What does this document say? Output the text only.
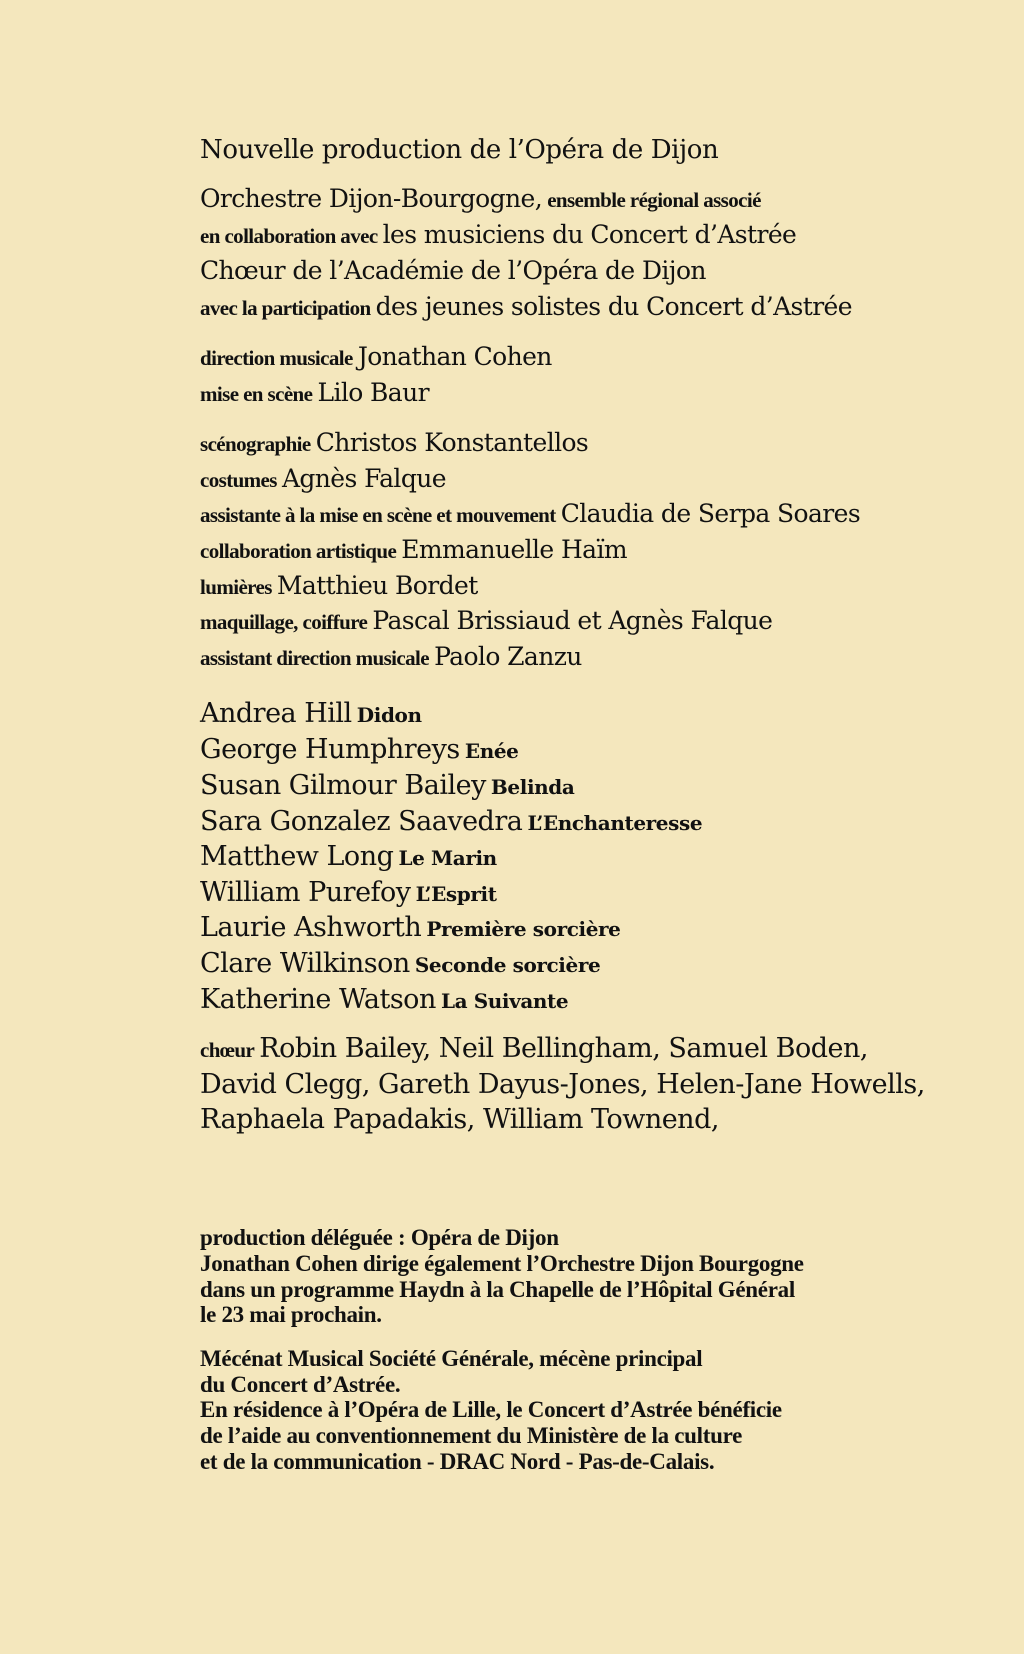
Nouvelle production de l’Opéra de Dijon
Orchestre Dijon-Bourgogne, ensemble régional associé
en collaboration avec les musiciens du Concert d’Astrée
Chœur de l’Académie de l’Opéra de Dijon
avec la participation des jeunes solistes du Concert d’Astrée
direction musicale Jonathan Cohen
mise en scène Lilo Baur
scénographie Christos Konstantellos
costumes Agnès Falque
assistante à la mise en scène et mouvement Claudia de Serpa Soares
collaboration artistique Emmanuelle Haïm
lumières Matthieu Bordet
maquillage, coiffure Pascal Brissiaud et Agnès Falque
assistant direction musicale Paolo Zanzu
Andrea Hill Didon
George Humphreys Enée
Susan Gilmour Bailey Belinda
Sara Gonzalez Saavedra L’Enchanteresse
Matthew Long Le Marin
William Purefoy L’Esprit
Laurie Ashworth Première sorcière
Clare Wilkinson Seconde sorcière
Katherine Watson La Suivante
chœur Robin Bailey, Neil Bellingham, Samuel Boden,
David Clegg, Gareth Dayus-Jones, Helen-Jane Howells,
Raphaela Papadakis, William Townend,
production déléguée : Opéra de Dijon
Jonathan Cohen dirige également l’Orchestre Dijon Bourgogne
dans un programme Haydn à la Chapelle de l’Hôpital Général
le 23 mai prochain.
Mécénat Musical Société Générale, mécène principal
du Concert d’Astrée.
En résidence à l’Opéra de Lille, le Concert d’Astrée bénéficie
de l’aide au conventionnement du Ministère de la culture
et de la communication - DRAC Nord - Pas-de-Calais.
